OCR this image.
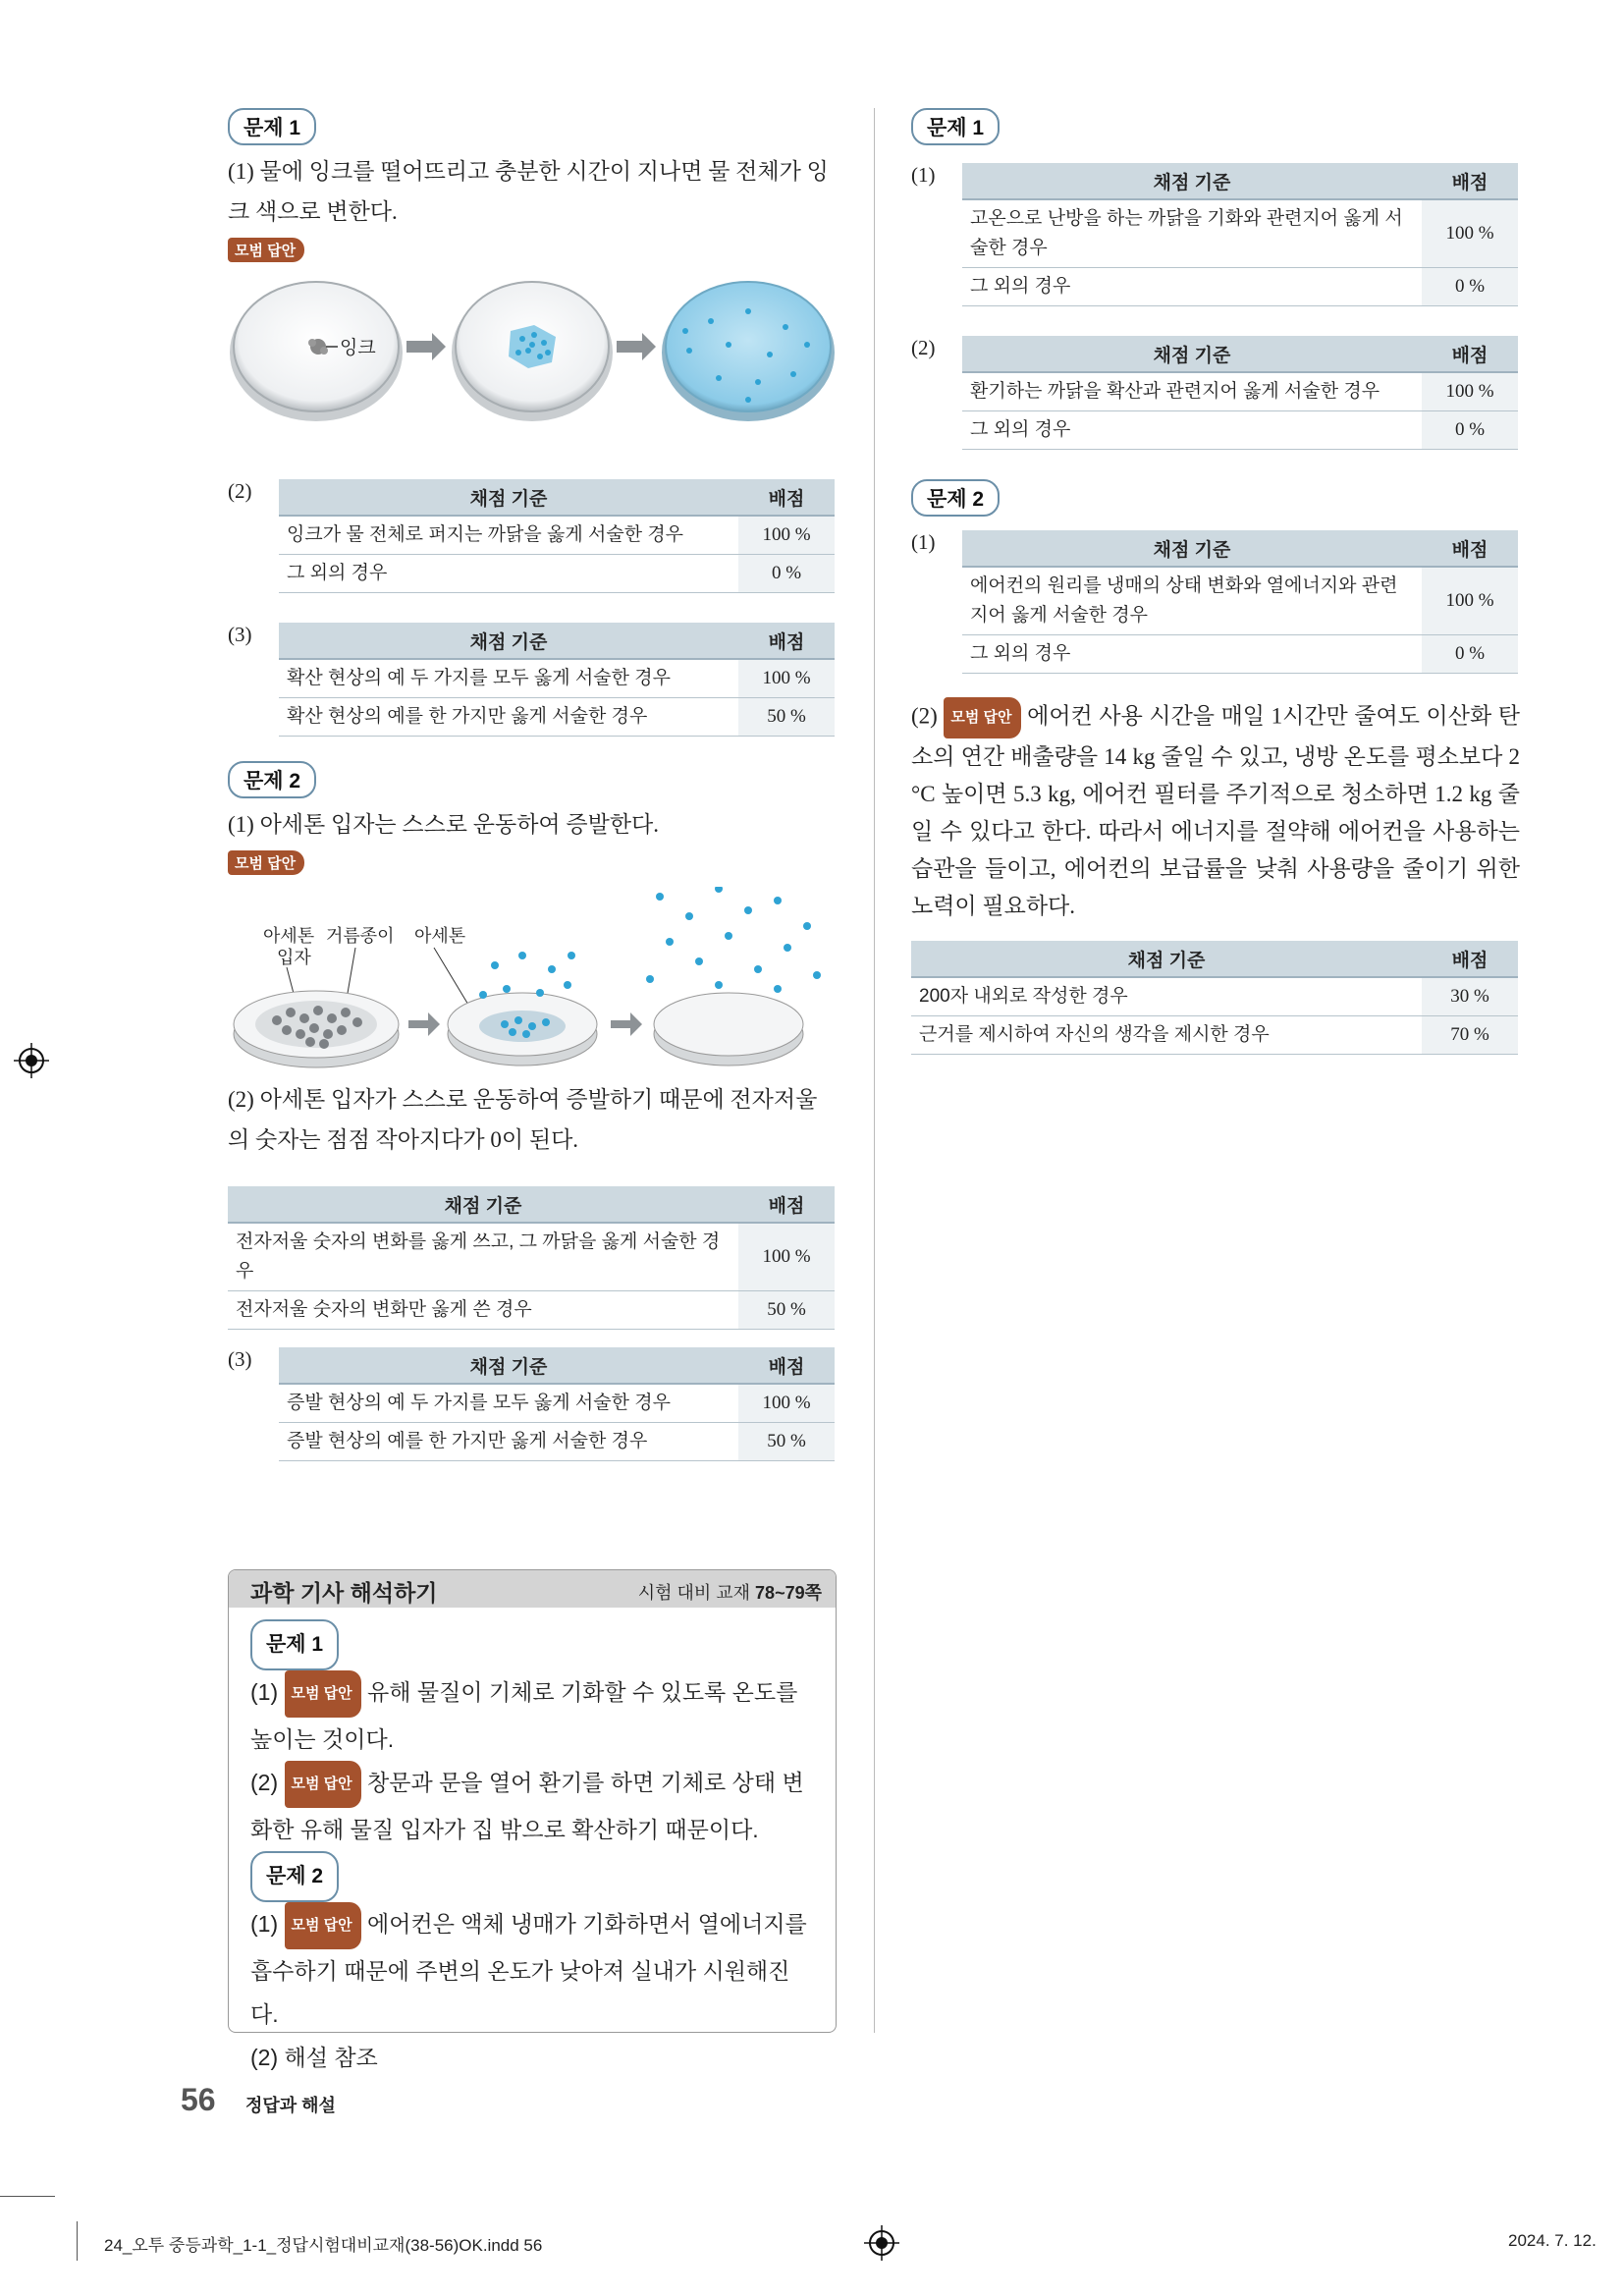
문제 1
(1) 물에 잉크를 떨어뜨리고 충분한 시간이 지나면 물 전체가 잉크 색으로 변한다.
모범 답안
잉크
(2)	채점 기준	배점
잉크가 물 전체로 퍼지는 까닭을 옳게 서술한 경우	100 %
그 외의 경우	0 %
(3)	채점 기준	배점
확산 현상의 예 두 가지를 모두 옳게 서술한 경우	100 %
확산 현상의 예를 한 가지만 옳게 서술한 경우	50 %
문제 2
(1) 아세톤 입자는 스스로 운동하여 증발한다.
모범 답안
아세톤 입자
거름종이 아세톤
(2) 아세톤 입자가 스스로 운동하여 증발하기 때문에 전자저울의 숫자는 점점 작아지다가 0이 된다.
채점 기준	배점
전자저울 숫자의 변화를 옳게 쓰고, 그 까닭을 옳게 서술한 경우	100 %
전자저울 숫자의 변화만 옳게 쓴 경우	50 %
(3)	채점 기준	배점
증발 현상의 예 두 가지를 모두 옳게 서술한 경우	100 %
증발 현상의 예를 한 가지만 옳게 서술한 경우	50 %
과학 기사 해석하기	시험 대비 교재 78~79쪽
문제 1
(1) 모범 답안 유해 물질이 기체로 기화할 수 있도록 온도를 높이는 것이다.
(2) 모범 답안 창문과 문을 열어 환기를 하면 기체로 상태 변화한 유해 물질 입자가 집 밖으로 확산하기 때문이다.
문제 2
(1) 모범 답안 에어컨은 액체 냉매가 기화하면서 열에너지를 흡수하기 때문에 주변의 온도가 낮아져 실내가 시원해진다.
(2) 해설 참조
문제 1
(1)	채점 기준	배점
고온으로 난방을 하는 까닭을 기화와 관련지어 옳게 서술한 경우	100 %
그 외의 경우	0 %
(2)	채점 기준	배점
환기하는 까닭을 확산과 관련지어 옳게 서술한 경우	100 %
그 외의 경우	0 %
문제 2
(1)	채점 기준	배점
에어컨의 원리를 냉매의 상태 변화와 열에너지와 관련지어 옳게 서술한 경우	100 %
그 외의 경우	0 %
(2) 모범 답안 에어컨 사용 시간을 매일 1시간만 줄여도 이산화 탄소의 연간 배출량을 14 kg 줄일 수 있고, 냉방 온도를 평소보다 2 °C 높이면 5.3 kg, 에어컨 필터를 주기적으로 청소하면 1.2 kg 줄일 수 있다고 한다. 따라서 에너지를 절약해 에어컨을 사용하는 습관을 들이고, 에어컨의 보급률을 낮춰 사용량을 줄이기 위한 노력이 필요하다.
채점 기준	배점
200자 내외로 작성한 경우	30 %
근거를 제시하여 자신의 생각을 제시한 경우	70 %
56 정답과 해설
24_오투 중등과학_1-1_정답시험대비교재(38-56)OK.indd 56	2024. 7. 12.
